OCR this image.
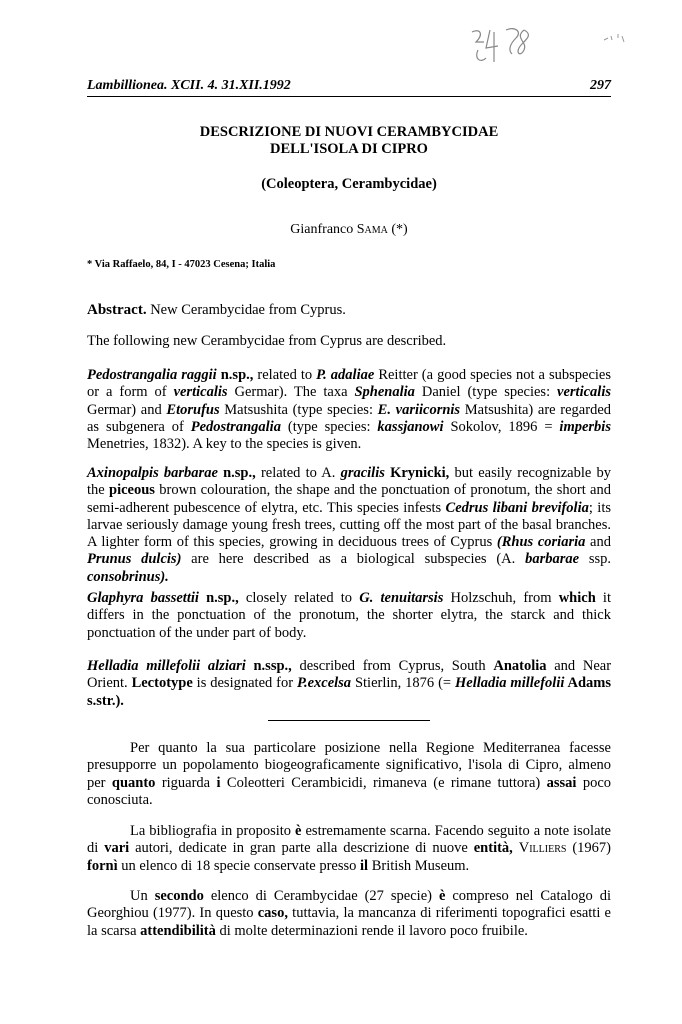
Lambillionea. XCII. 4. 31.XII.1992	297
DESCRIZIONE DI NUOVI CERAMBYCIDAE
DELL'ISOLA DI CIPRO
(Coleoptera, Cerambycidae)
Gianfranco Sama (*)
* Via Raffaelo, 84, I - 47023 Cesena; Italia
Abstract. New Cerambycidae from Cyprus.

The following new Cerambycidae from Cyprus are described.

Pedostrangalia raggii n.sp., related to P. adaliae Reitter (a good species not a subspecies or a form of verticalis Germar). The taxa Sphenalia Daniel (type species: verticalis Germar) and Etorufus Matsushita (type species: E. variicornis Matsushita) are regarded as subgenera of Pedostrangalia (type species: kassjanowi Sokolov, 1896 = imperbis Menetries, 1832). A key to the species is given.

Axinopalpis barbarae n.sp., related to A. gracilis Krynicki, but easily recognizable by the piceous brown colouration, the shape and the ponctuation of pronotum, the short and semi-adherent pubescence of elytra, etc. This species infests Cedrus libani brevifolia; its larvae seriously damage young fresh trees, cutting off the most part of the basal branches. A lighter form of this species, growing in deciduous trees of Cyprus (Rhus coriaria and Prunus dulcis) are here described as a biological subspecies (A. barbarae ssp. consobrinus).

Glaphyra bassettii n.sp., closely related to G. tenuitarsis Holzschuh, from which it differs in the ponctuation of the pronotum, the shorter elytra, the starck and thick ponctuation of the under part of body.

Helladia millefolii alziari n.ssp., described from Cyprus, South Anatolia and Near Orient. Lectotype is designated for P.excelsa Stierlin, 1876 (= Helladia millefolii Adams s.str.).

Per quanto la sua particolare posizione nella Regione Mediterranea facesse presupporre un popolamento biogeograficamente significativo, l'isola di Cipro, almeno per quanto riguarda i Coleotteri Cerambicidi, rimaneva (e rimane tuttora) assai poco conosciuta.

La bibliografia in proposito è estremamente scarna. Facendo seguito a note isolate di vari autori, dedicate in gran parte alla descrizione di nuove entità, Villiers (1967) fornì un elenco di 18 specie conservate presso il British Museum.

Un secondo elenco di Cerambycidae (27 specie) è compreso nel Catalogo di Georghiou (1977). In questo caso, tuttavia, la mancanza di riferimenti topografici esatti e la scarsa attendibilità di molte determinazioni rende il lavoro poco fruibile.
